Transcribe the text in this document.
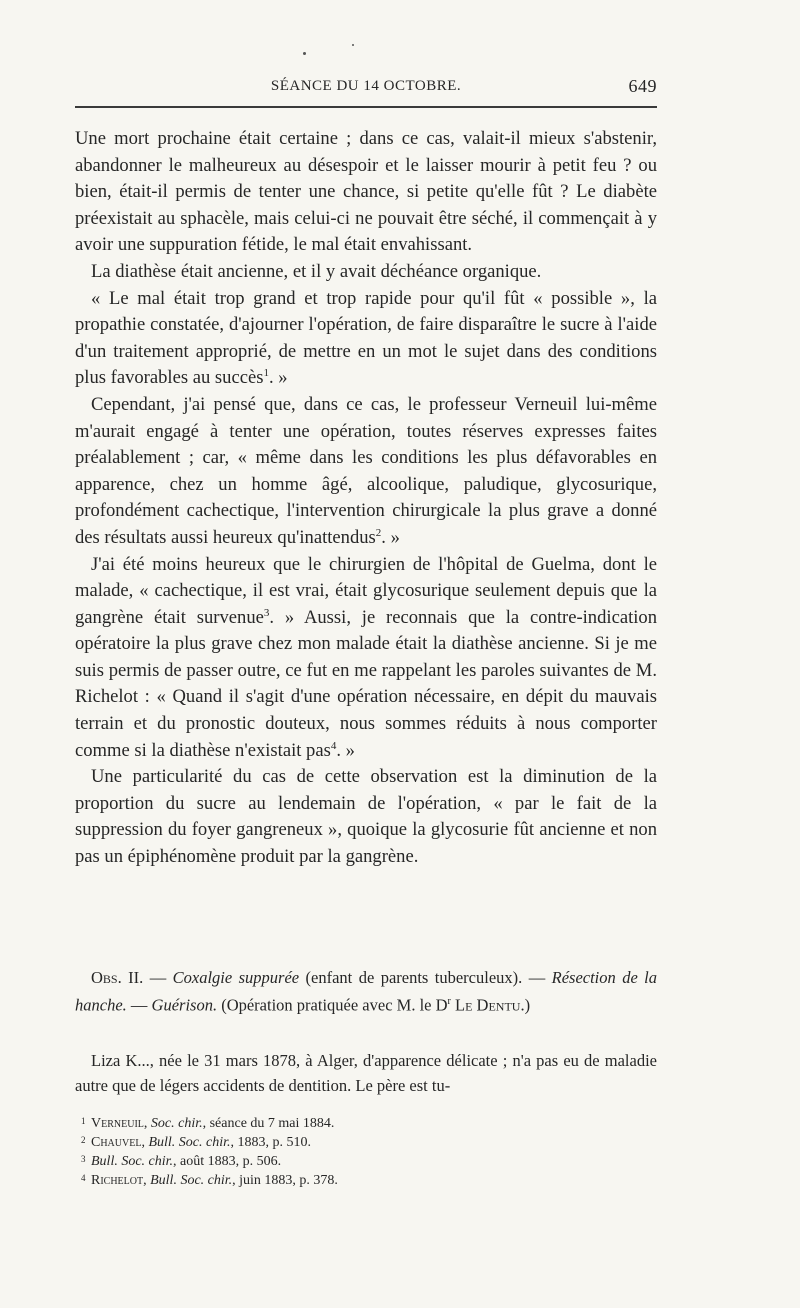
SÉANCE DU 14 OCTOBRE.	649

Une mort prochaine était certaine ; dans ce cas, valait-il mieux s'abstenir, abandonner le malheureux au désespoir et le laisser mourir à petit feu ? ou bien, était-il permis de tenter une chance, si petite qu'elle fût ? Le diabète préexistait au sphacèle, mais celui-ci ne pouvait être séché, il commençait à y avoir une suppuration fétide, le mal était envahissant.

La diathèse était ancienne, et il y avait déchéance organique.

« Le mal était trop grand et trop rapide pour qu'il fût « possible », la propathie constatée, d'ajourner l'opération, de faire disparaître le sucre à l'aide d'un traitement approprié, de mettre en un mot le sujet dans des conditions plus favorables au succès$^1$. »

Cependant, j'ai pensé que, dans ce cas, le professeur Verneuil lui-même m'aurait engagé à tenter une opération, toutes réserves expresses faites préalablement ; car, « même dans les conditions les plus défavorables en apparence, chez un homme âgé, alcoolique, paludique, glycosurique, profondément cachectique, l'intervention chirurgicale la plus grave a donné des résultats aussi heureux qu'inattendus$^2$. »

J'ai été moins heureux que le chirurgien de l'hôpital de Guelma, dont le malade, « cachectique, il est vrai, était glycosurique seulement depuis que la gangrène était survenue$^3$. » Aussi, je reconnais que la contre-indication opératoire la plus grave chez mon malade était la diathèse ancienne. Si je me suis permis de passer outre, ce fut en me rappelant les paroles suivantes de M. Richelot : « Quand il s'agit d'une opération nécessaire, en dépit du mauvais terrain et du pronostic douteux, nous sommes réduits à nous comporter comme si la diathèse n'existait pas$^4$. »

Une particularité du cas de cette observation est la diminution de la proportion du sucre au lendemain de l'opération, « par le fait de la suppression du foyer gangreneux », quoique la glycosurie fût ancienne et non pas un épiphénomène produit par la gangrène.

Obs. II. — Coxalgie suppurée (enfant de parents tuberculeux). — Résection de la hanche. — Guérison. (Opération pratiquée avec M. le $D^r$ Le Dentu.)

Liza K..., née le 31 mars 1878, à Alger, d'apparence délicate ; n'a pas eu de maladie autre que de légers accidents de dentition. Le père est tu-

1 Verneuil, Soc. chir., séance du 7 mai 1884.
2 Chauvel, Bull. Soc. chir., 1883, p. 510.
3 Bull. Soc. chir., août 1883, p. 506.
4 Richelot, Bull. Soc. chir., juin 1883, p. 378.
